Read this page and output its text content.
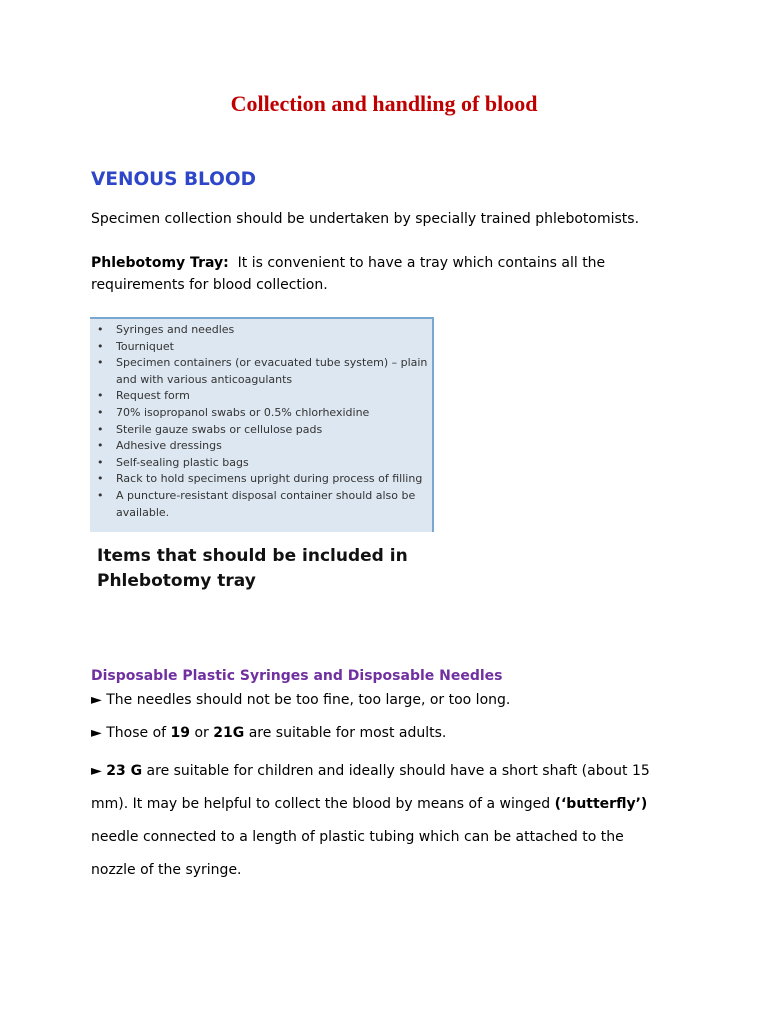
Collection and handling of blood
VENOUS BLOOD
Specimen collection should be undertaken by specially trained phlebotomists.
Phlebotomy Tray: It is convenient to have a tray which contains all the
requirements for blood collection.
• Syringes and needles
• Tourniquet
• Specimen containers (or evacuated tube system) – plain
and with various anticoagulants
• Request form
• 70% isopropanol swabs or 0.5% chlorhexidine
• Sterile gauze swabs or cellulose pads
• Adhesive dressings
• Self-sealing plastic bags
• Rack to hold specimens upright during process of filling
• A puncture-resistant disposal container should also be
available.
Items that should be included in
Phlebotomy tray
Disposable Plastic Syringes and Disposable Needles
► The needles should not be too fine, too large, or too long.
► Those of 19 or 21G are suitable for most adults.
► 23 G are suitable for children and ideally should have a short shaft (about 15
mm). It may be helpful to collect the blood by means of a winged (‘butterfly’)
needle connected to a length of plastic tubing which can be attached to the
nozzle of the syringe.
